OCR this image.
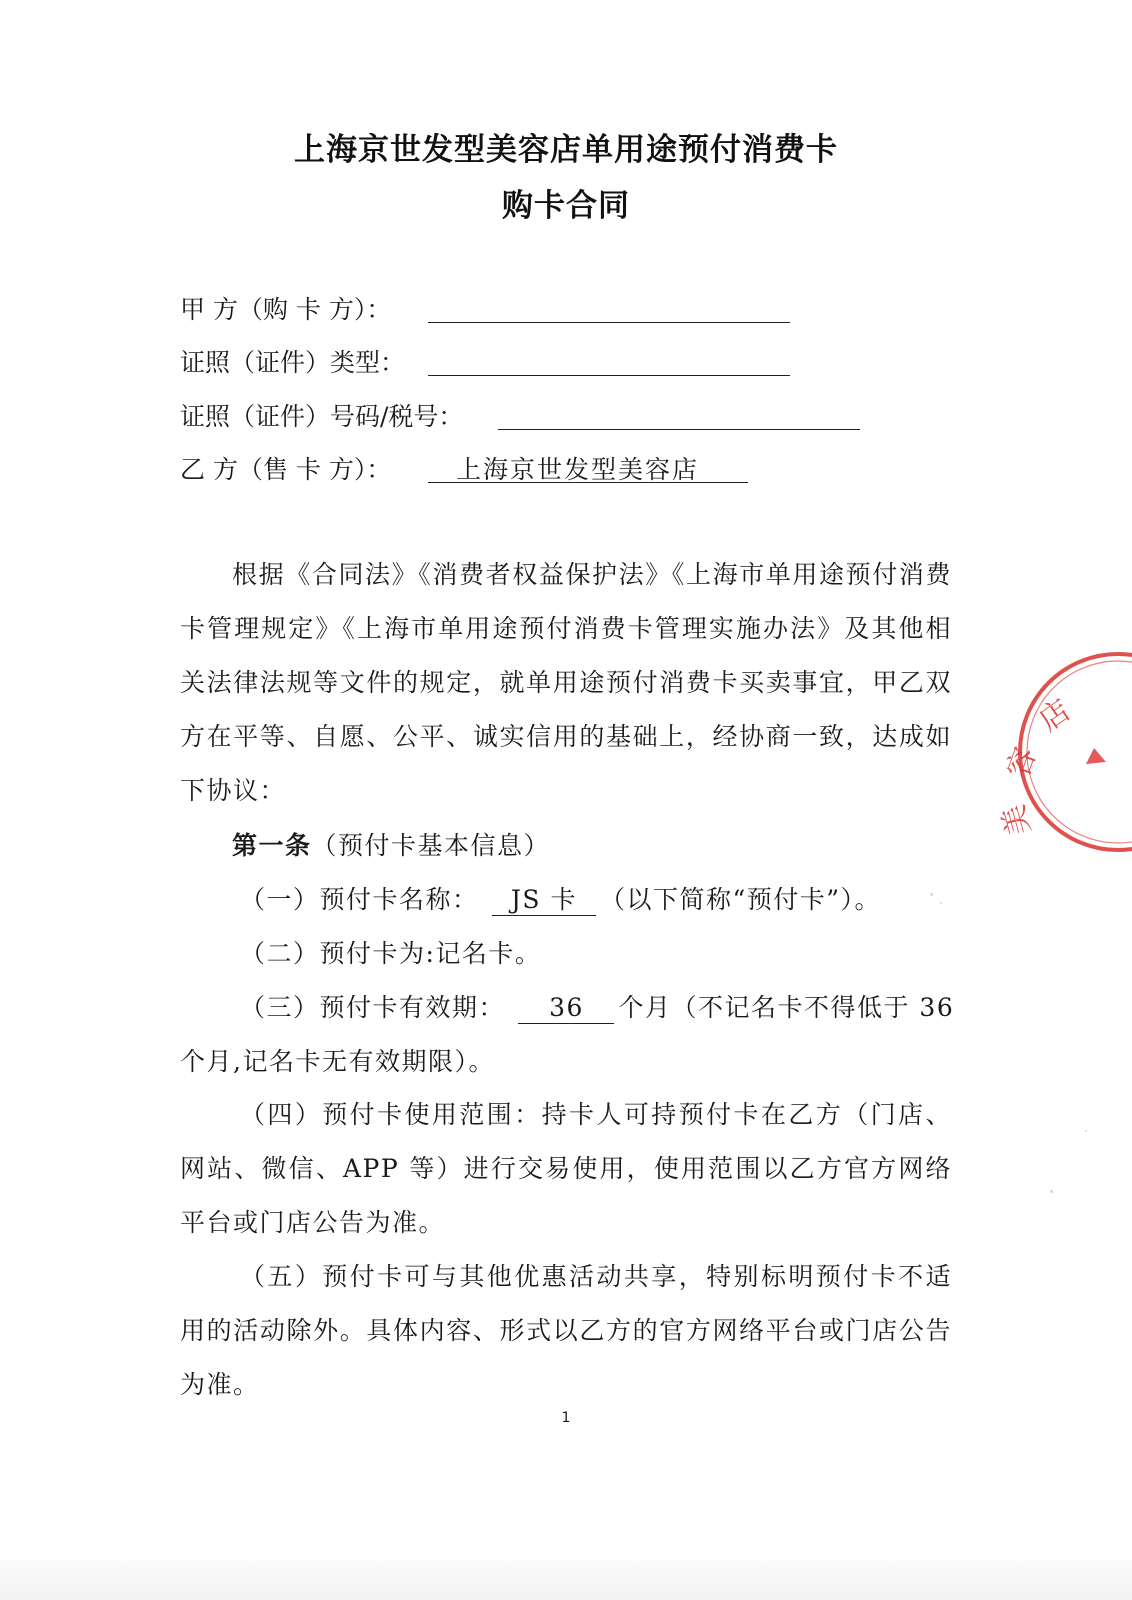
上海京世发型美容店单用途预付消费卡
购卡合同
甲 方（购 卡 方）：
证照（证件）类型：
证照（证件）号码/税号：
乙 方（售 卡 方）：	上海京世发型美容店
根据《合同法》《消费者权益保护法》《上海市单用途预付消费卡管理规定》《上海市单用途预付消费卡管理实施办法》及其他相关法律法规等文件的规定，就单用途预付消费卡买卖事宜，甲乙双方在平等、自愿、公平、诚实信用的基础上，经协商一致，达成如下协议：
第一条（预付卡基本信息）
（一）预付卡名称： JS 卡 （以下简称“预付卡”）。
（二）预付卡为:记名卡。
（三）预付卡有效期： 36 个月（不记名卡不得低于 36
个月,记名卡无有效期限）。
（四）预付卡使用范围：持卡人可持预付卡在乙方（门店、网站、微信、APP 等）进行交易使用，使用范围以乙方官方网络平台或门店公告为准。
（五）预付卡可与其他优惠活动共享，特别标明预付卡不适用的活动除外。具体内容、形式以乙方的官方网络平台或门店公告为准。
1
店
容
美
